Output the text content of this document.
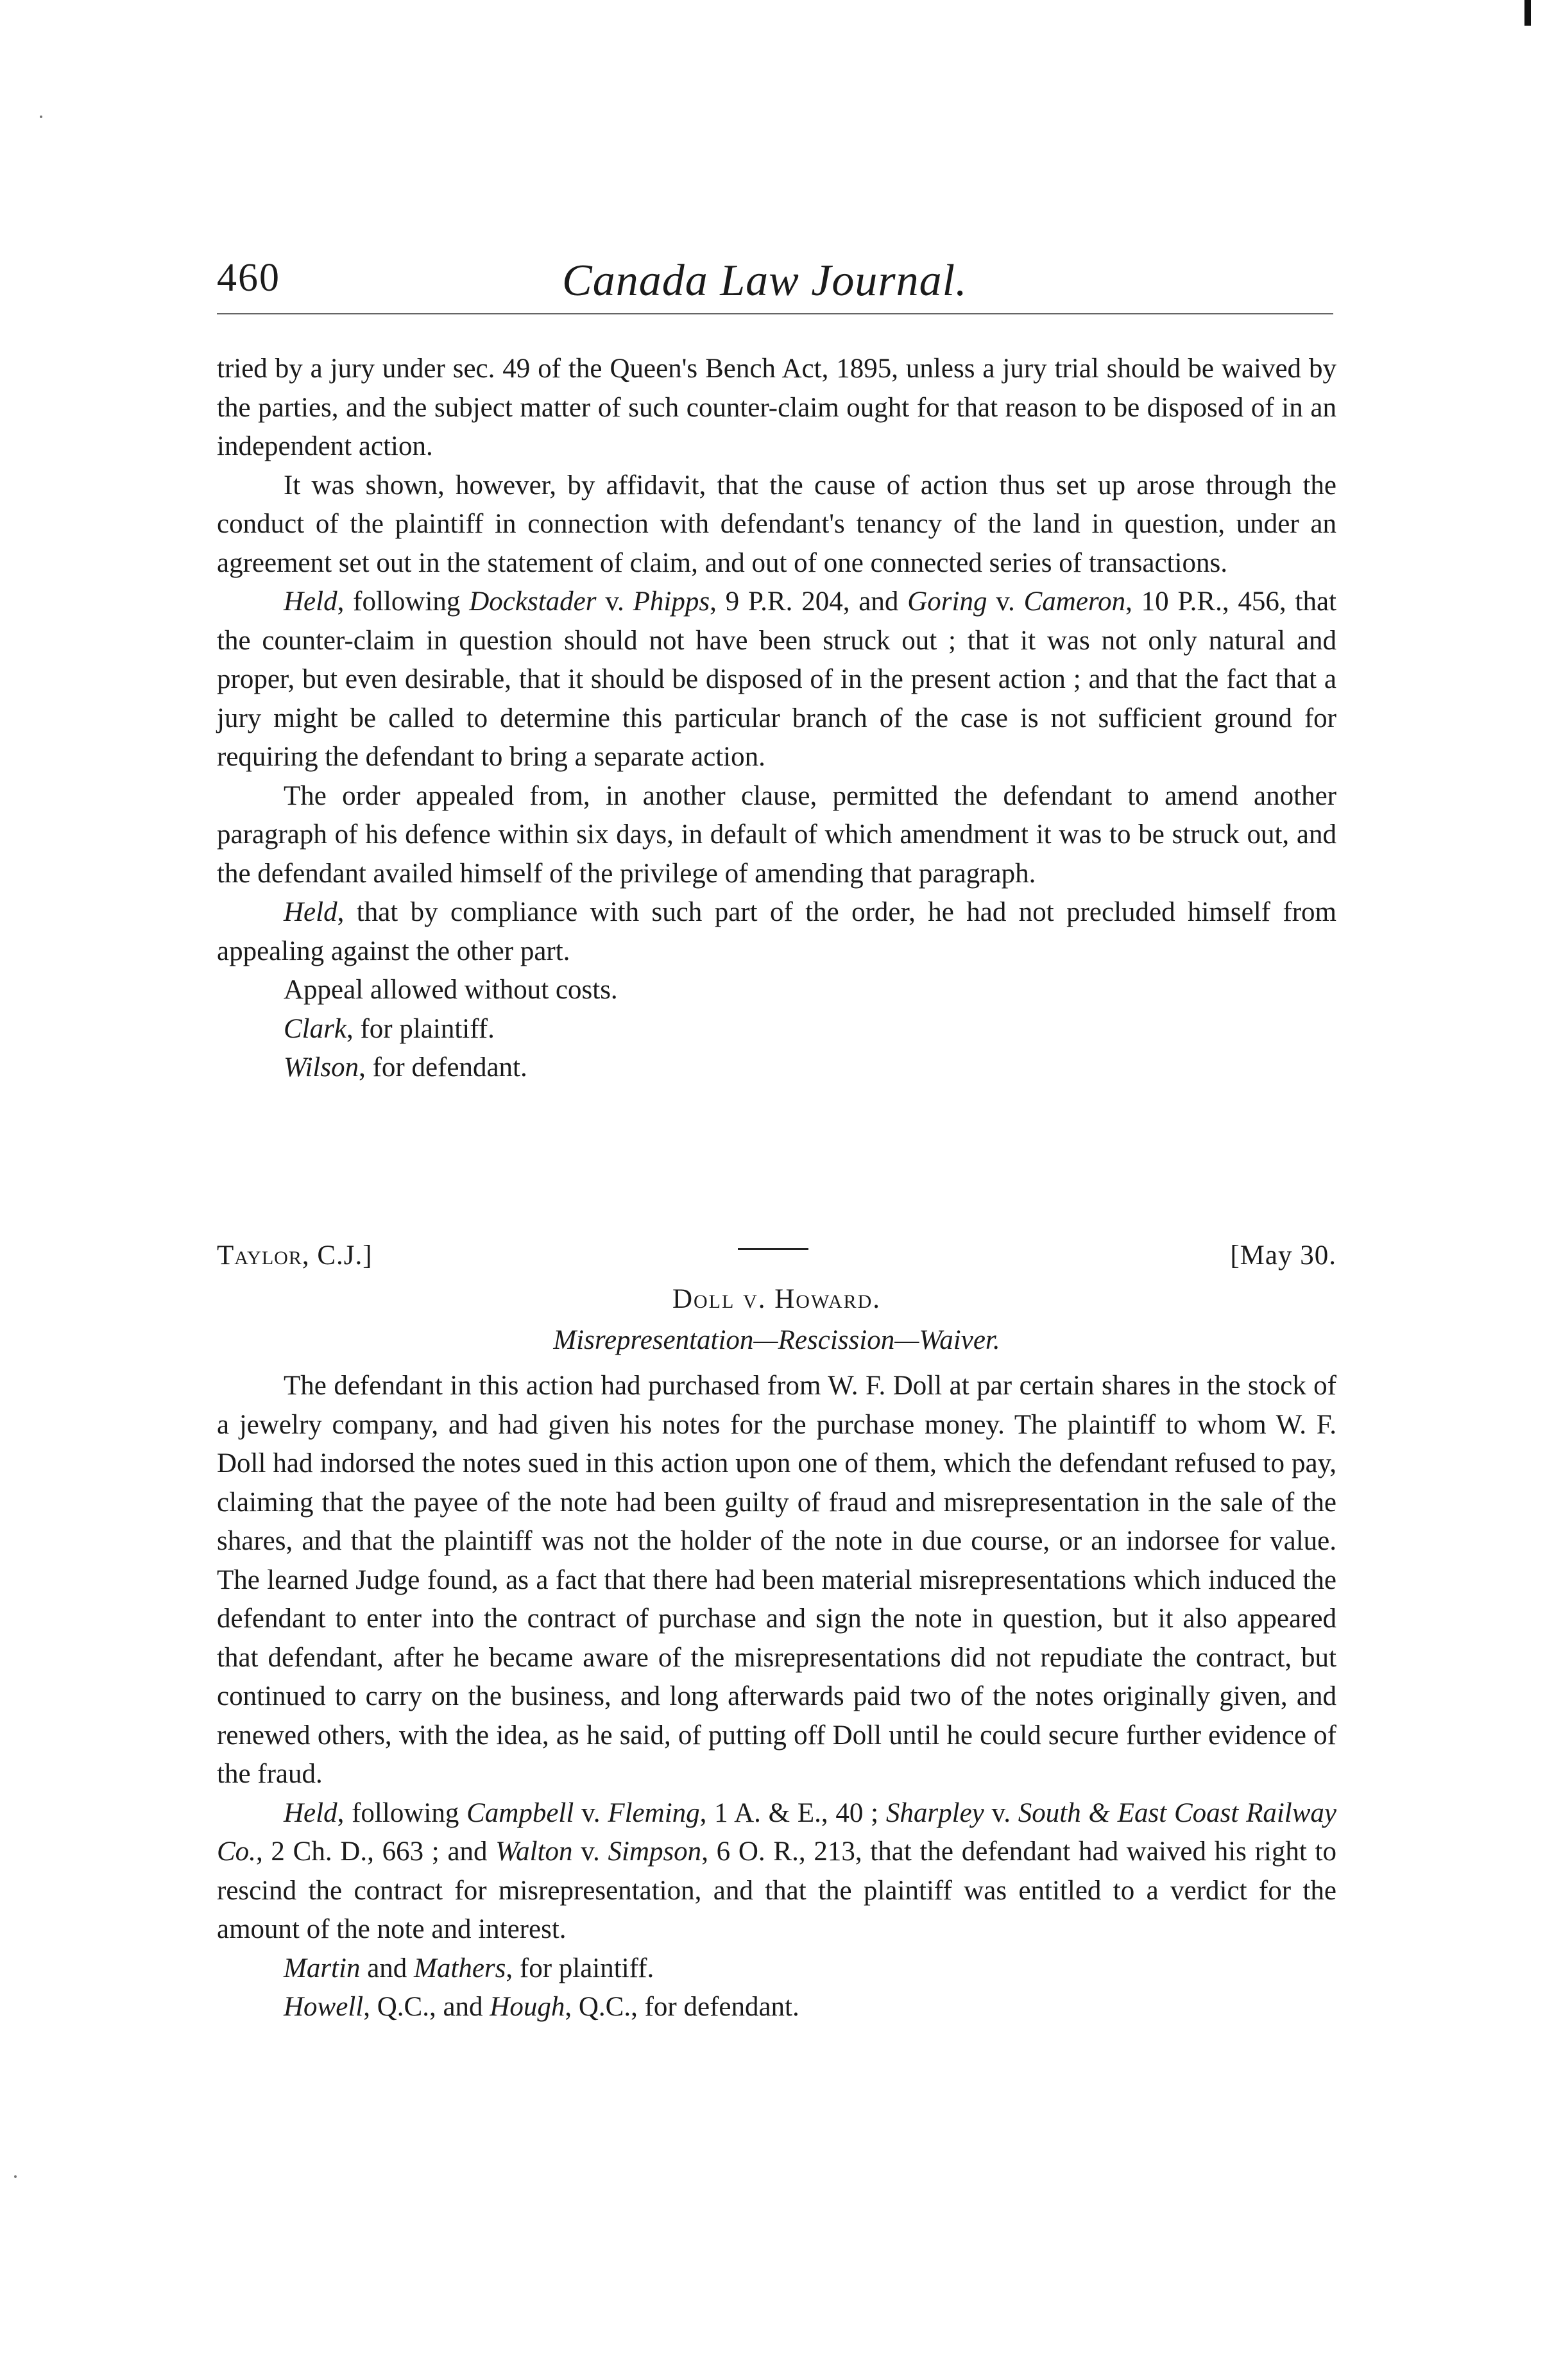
460	Canada Law Journal.

tried by a jury under sec. 49 of the Queen's Bench Act, 1895, unless a jury trial should be waived by the parties, and the subject matter of such counter-claim ought for that reason to be disposed of in an independent action.

It was shown, however, by affidavit, that the cause of action thus set up arose through the conduct of the plaintiff in connection with defendant's tenancy of the land in question, under an agreement set out in the statement of claim, and out of one connected series of transactions.

Held, following Dockstader v. Phipps, 9 P.R. 204, and Goring v. Cameron, 10 P.R., 456, that the counter-claim in question should not have been struck out ; that it was not only natural and proper, but even desirable, that it should be disposed of in the present action ; and that the fact that a jury might be called to determine this particular branch of the case is not sufficient ground for requiring the defendant to bring a separate action.

The order appealed from, in another clause, permitted the defendant to amend another paragraph of his defence within six days, in default of which amendment it was to be struck out, and the defendant availed himself of the privilege of amending that paragraph.

Held, that by compliance with such part of the order, he had not precluded himself from appealing against the other part.

Appeal allowed without costs.

Clark, for plaintiff.

Wilson, for defendant.

Taylor, C.J.]	[May 30.
Doll v. Howard.
Misrepresentation—Rescission—Waiver.

The defendant in this action had purchased from W. F. Doll at par certain shares in the stock of a jewelry company, and had given his notes for the purchase money. The plaintiff to whom W. F. Doll had indorsed the notes sued in this action upon one of them, which the defendant refused to pay, claiming that the payee of the note had been guilty of fraud and misrepresentation in the sale of the shares, and that the plaintiff was not the holder of the note in due course, or an indorsee for value. The learned Judge found, as a fact that there had been material misrepresentations which induced the defendant to enter into the contract of purchase and sign the note in question, but it also appeared that defendant, after he became aware of the misrepresentations did not repudiate the contract, but continued to carry on the business, and long afterwards paid two of the notes originally given, and renewed others, with the idea, as he said, of putting off Doll until he could secure further evidence of the fraud.

Held, following Campbell v. Fleming, 1 A. & E., 40 ; Sharpley v. South & East Coast Railway Co., 2 Ch. D., 663 ; and Walton v. Simpson, 6 O. R., 213, that the defendant had waived his right to rescind the contract for misrepresentation, and that the plaintiff was entitled to a verdict for the amount of the note and interest.

Martin and Mathers, for plaintiff.

Howell, Q.C., and Hough, Q.C., for defendant.
